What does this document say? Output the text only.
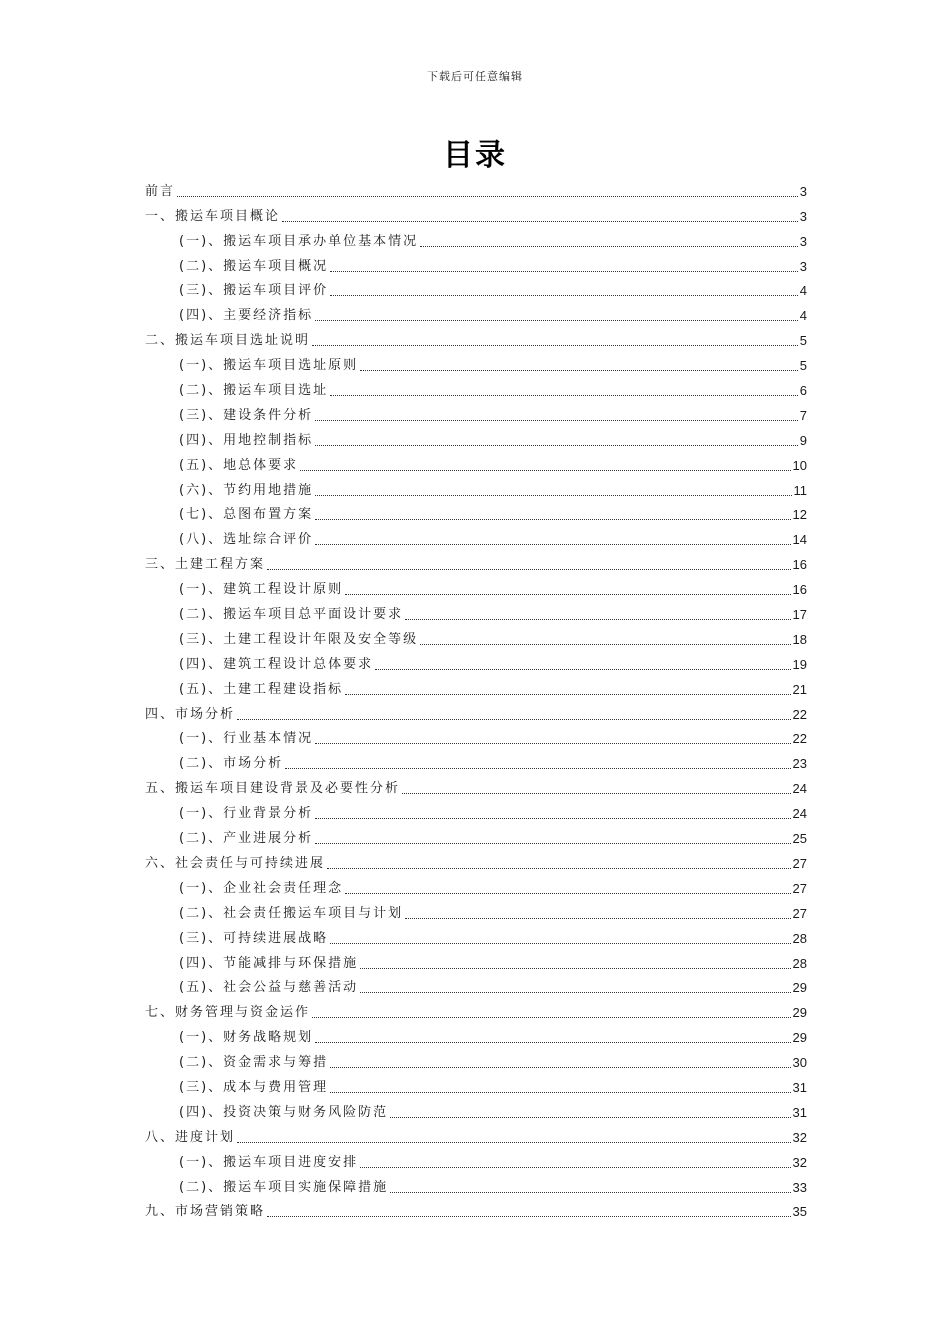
下载后可任意编辑
目录
前言	3
一、搬运车项目概论	3
(一)、搬运车项目承办单位基本情况	3
(二)、搬运车项目概况	3
(三)、搬运车项目评价	4
(四)、主要经济指标	4
二、搬运车项目选址说明	5
(一)、搬运车项目选址原则	5
(二)、搬运车项目选址	6
(三)、建设条件分析	7
(四)、用地控制指标	9
(五)、地总体要求	10
(六)、节约用地措施	11
(七)、总图布置方案	12
(八)、选址综合评价	14
三、土建工程方案	16
(一)、建筑工程设计原则	16
(二)、搬运车项目总平面设计要求	17
(三)、土建工程设计年限及安全等级	18
(四)、建筑工程设计总体要求	19
(五)、土建工程建设指标	21
四、市场分析	22
(一)、行业基本情况	22
(二)、市场分析	23
五、搬运车项目建设背景及必要性分析	24
(一)、行业背景分析	24
(二)、产业进展分析	25
六、社会责任与可持续进展	27
(一)、企业社会责任理念	27
(二)、社会责任搬运车项目与计划	27
(三)、可持续进展战略	28
(四)、节能减排与环保措施	28
(五)、社会公益与慈善活动	29
七、财务管理与资金运作	29
(一)、财务战略规划	29
(二)、资金需求与筹措	30
(三)、成本与费用管理	31
(四)、投资决策与财务风险防范	31
八、进度计划	32
(一)、搬运车项目进度安排	32
(二)、搬运车项目实施保障措施	33
九、市场营销策略	35
